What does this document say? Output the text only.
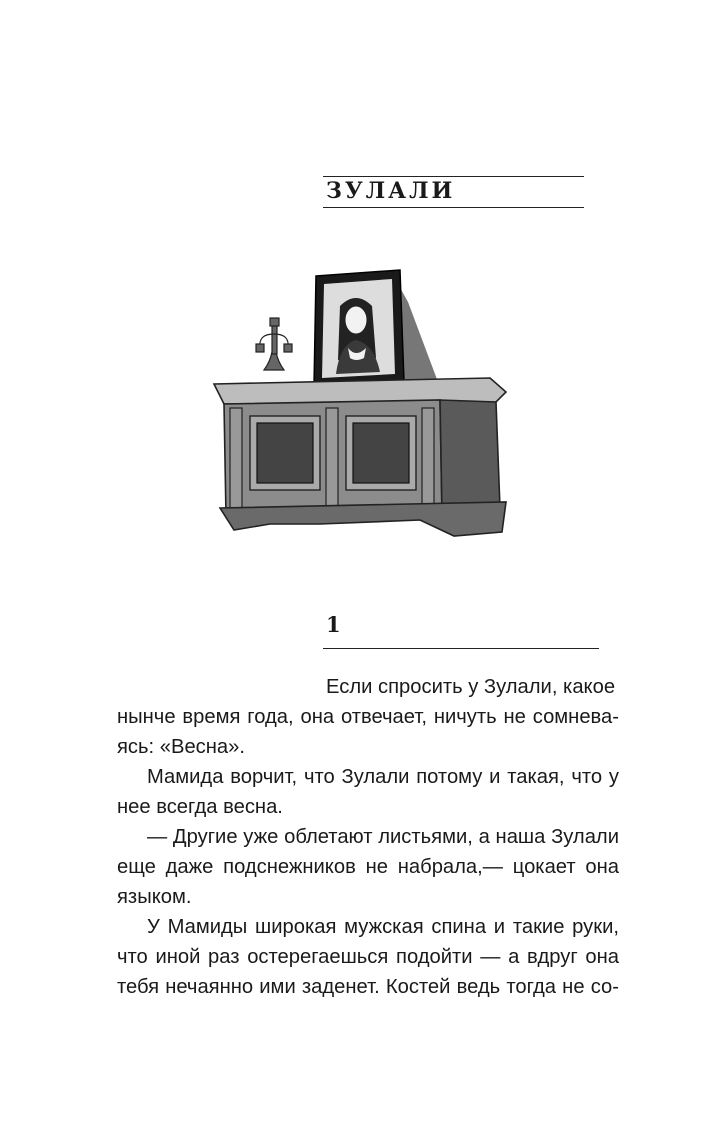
ЗУЛАЛИ
1
Если спросить у Зулали, какое
нынче время года, она отвечает, ничуть не сомнева-
ясь: «Весна».
Мамида ворчит, что Зулали потому и такая, что у
нее всегда весна.
— Другие уже облетают листьями, а наша Зулали
еще даже подснежников не набрала,— цокает она
языком.
У Мамиды широкая мужская спина и такие руки,
что иной раз остерегаешься подойти — а вдруг она
тебя нечаянно ими заденет. Костей ведь тогда не со-
